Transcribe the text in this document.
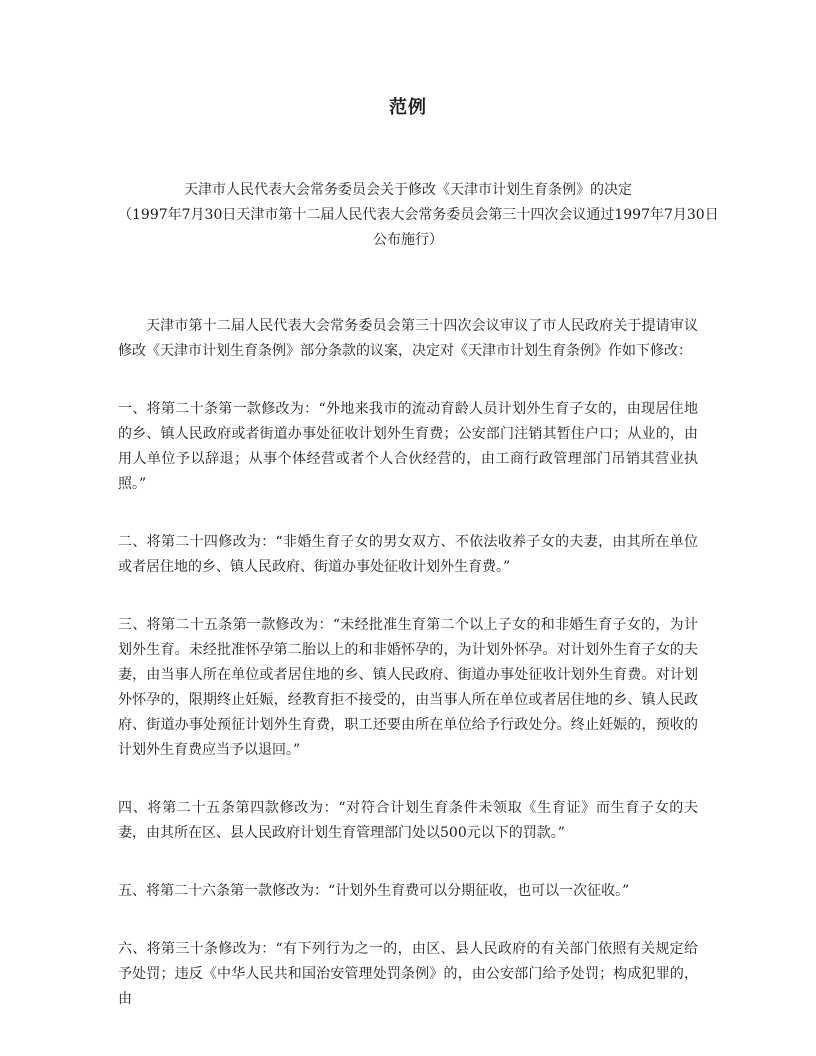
范例
天津市人民代表大会常务委员会关于修改《天津市计划生育条例》的决定
（1997年7月30日天津市第十二届人民代表大会常务委员会第三十四次会议通过1997年7月30日
公布施行）

天津市第十二届人民代表大会常务委员会第三十四次会议审议了市人民政府关于提请审议修改《天津市计划生育条例》部分条款的议案，决定对《天津市计划生育条例》作如下修改：

一、将第二十条第一款修改为：“外地来我市的流动育龄人员计划外生育子女的，由现居住地的乡、镇人民政府或者街道办事处征收计划外生育费；公安部门注销其暂住户口；从业的，由用人单位予以辞退；从事个体经营或者个人合伙经营的，由工商行政管理部门吊销其营业执照。”

二、将第二十四修改为：“非婚生育子女的男女双方、不依法收养子女的夫妻，由其所在单位或者居住地的乡、镇人民政府、街道办事处征收计划外生育费。”

三、将第二十五条第一款修改为：“未经批准生育第二个以上子女的和非婚生育子女的，为计划外生育。未经批准怀孕第二胎以上的和非婚怀孕的，为计划外怀孕。对计划外生育子女的夫妻，由当事人所在单位或者居住地的乡、镇人民政府、街道办事处征收计划外生育费。对计划外怀孕的，限期终止妊娠，经教育拒不接受的，由当事人所在单位或者居住地的乡、镇人民政府、街道办事处预征计划外生育费，职工还要由所在单位给予行政处分。终止妊娠的，预收的计划外生育费应当予以退回。”

四、将第二十五条第四款修改为：“对符合计划生育条件未领取《生育证》而生育子女的夫妻，由其所在区、县人民政府计划生育管理部门处以500元以下的罚款。”

五、将第二十六条第一款修改为：“计划外生育费可以分期征收，也可以一次征收。”

六、将第三十条修改为：“有下列行为之一的，由区、县人民政府的有关部门依照有关规定给予处罚；违反《中华人民共和国治安管理处罚条例》的，由公安部门给予处罚；构成犯罪的，由
